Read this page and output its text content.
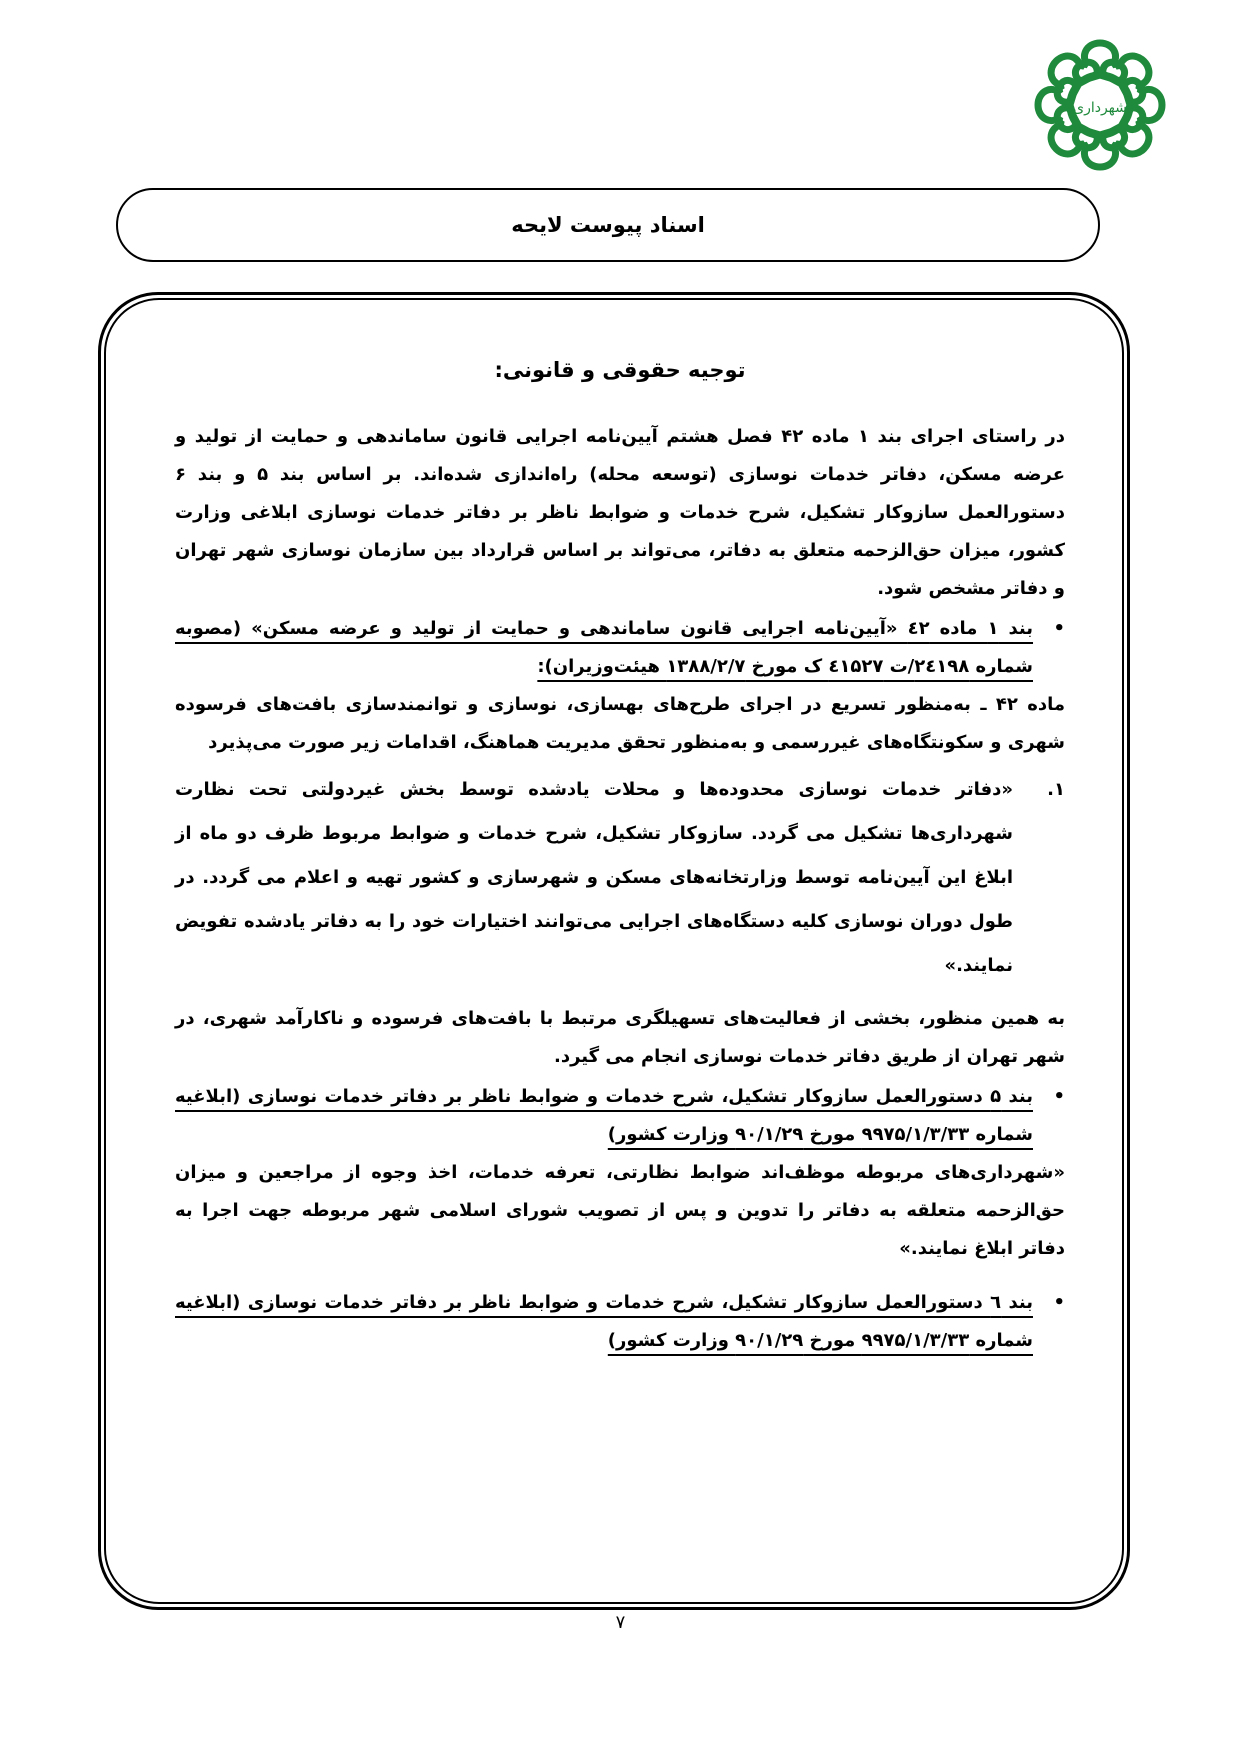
شهرداری
اسناد پیوست لایحه
توجیه حقوقی و قانونی:

در راستای اجرای بند ۱ ماده ۴۲ فصل هشتم آیین‌نامه اجرایی قانون ساماندهی و حمایت از تولید و عرضه مسکن، دفاتر خدمات نوسازی (توسعه محله) راه‌اندازی شده‌اند. بر اساس بند ۵ و بند ۶ دستورالعمل سازوکار تشکیل، شرح خدمات و ضوابط ناظر بر دفاتر خدمات نوسازی ابلاغی وزارت کشور، میزان حق‌الزحمه متعلق به دفاتر، می‌تواند بر اساس قرارداد بین سازمان نوسازی شهر تهران و دفاتر مشخص شود.

•
بند ۱ ماده ٤٢ «آیین‌نامه اجرایی قانون ساماندهی و حمایت از تولید و عرضه مسکن» (مصوبه شماره ۲٤۱۹۸/ت ٤۱۵۲۷ ک مورخ ۱۳۸۸/۲/۷ هیئت‌وزیران):

ماده ۴۲ ـ به‌منظور تسریع در اجرای طرح‌های بهسازی، نوسازی و توانمندسازی بافت‌های فرسوده شهری و سکونتگاه‌های غیررسمی و به‌منظور تحقق مدیریت هماهنگ، اقدامات زیر صورت می‌پذیرد

۱.
«دفاتر خدمات نوسازی محدوده‌ها و محلات یادشده توسط بخش غیردولتی تحت نظارت شهرداری‌ها تشکیل می گردد. سازوکار تشکیل، شرح خدمات و ضوابط مربوط ظرف دو ماه از ابلاغ این آیین‌نامه توسط وزارتخانه‌های مسکن و شهرسازی و کشور تهیه و اعلام می گردد. در طول دوران نوسازی کلیه دستگاه‌های اجرایی می‌توانند اختیارات خود را به دفاتر یادشده تفویض نمایند.»

به همین منظور، بخشی از فعالیت‌های تسهیلگری مرتبط با بافت‌های فرسوده و ناکارآمد شهری، در شهر تهران از طریق دفاتر خدمات نوسازی انجام می گیرد.

•
بند ۵ دستورالعمل سازوکار تشکیل، شرح خدمات و ضوابط ناظر بر دفاتر خدمات نوسازی (ابلاغیه شماره ۹۹۷۵/۱/۳/۳۳ مورخ ۹۰/۱/۲۹ وزارت کشور)

«شهرداری‌های مربوطه موظف‌اند ضوابط نظارتی، تعرفه خدمات، اخذ وجوه از مراجعین و میزان حق‌الزحمه متعلقه به دفاتر را تدوین و پس از تصویب شورای اسلامی شهر مربوطه جهت اجرا به دفاتر ابلاغ نمایند.»

•
بند ٦ دستورالعمل سازوکار تشکیل، شرح خدمات و ضوابط ناظر بر دفاتر خدمات نوسازی (ابلاغیه شماره ۹۹۷۵/۱/۳/۳۳ مورخ ۹۰/۱/۲۹ وزارت کشور)
۷
